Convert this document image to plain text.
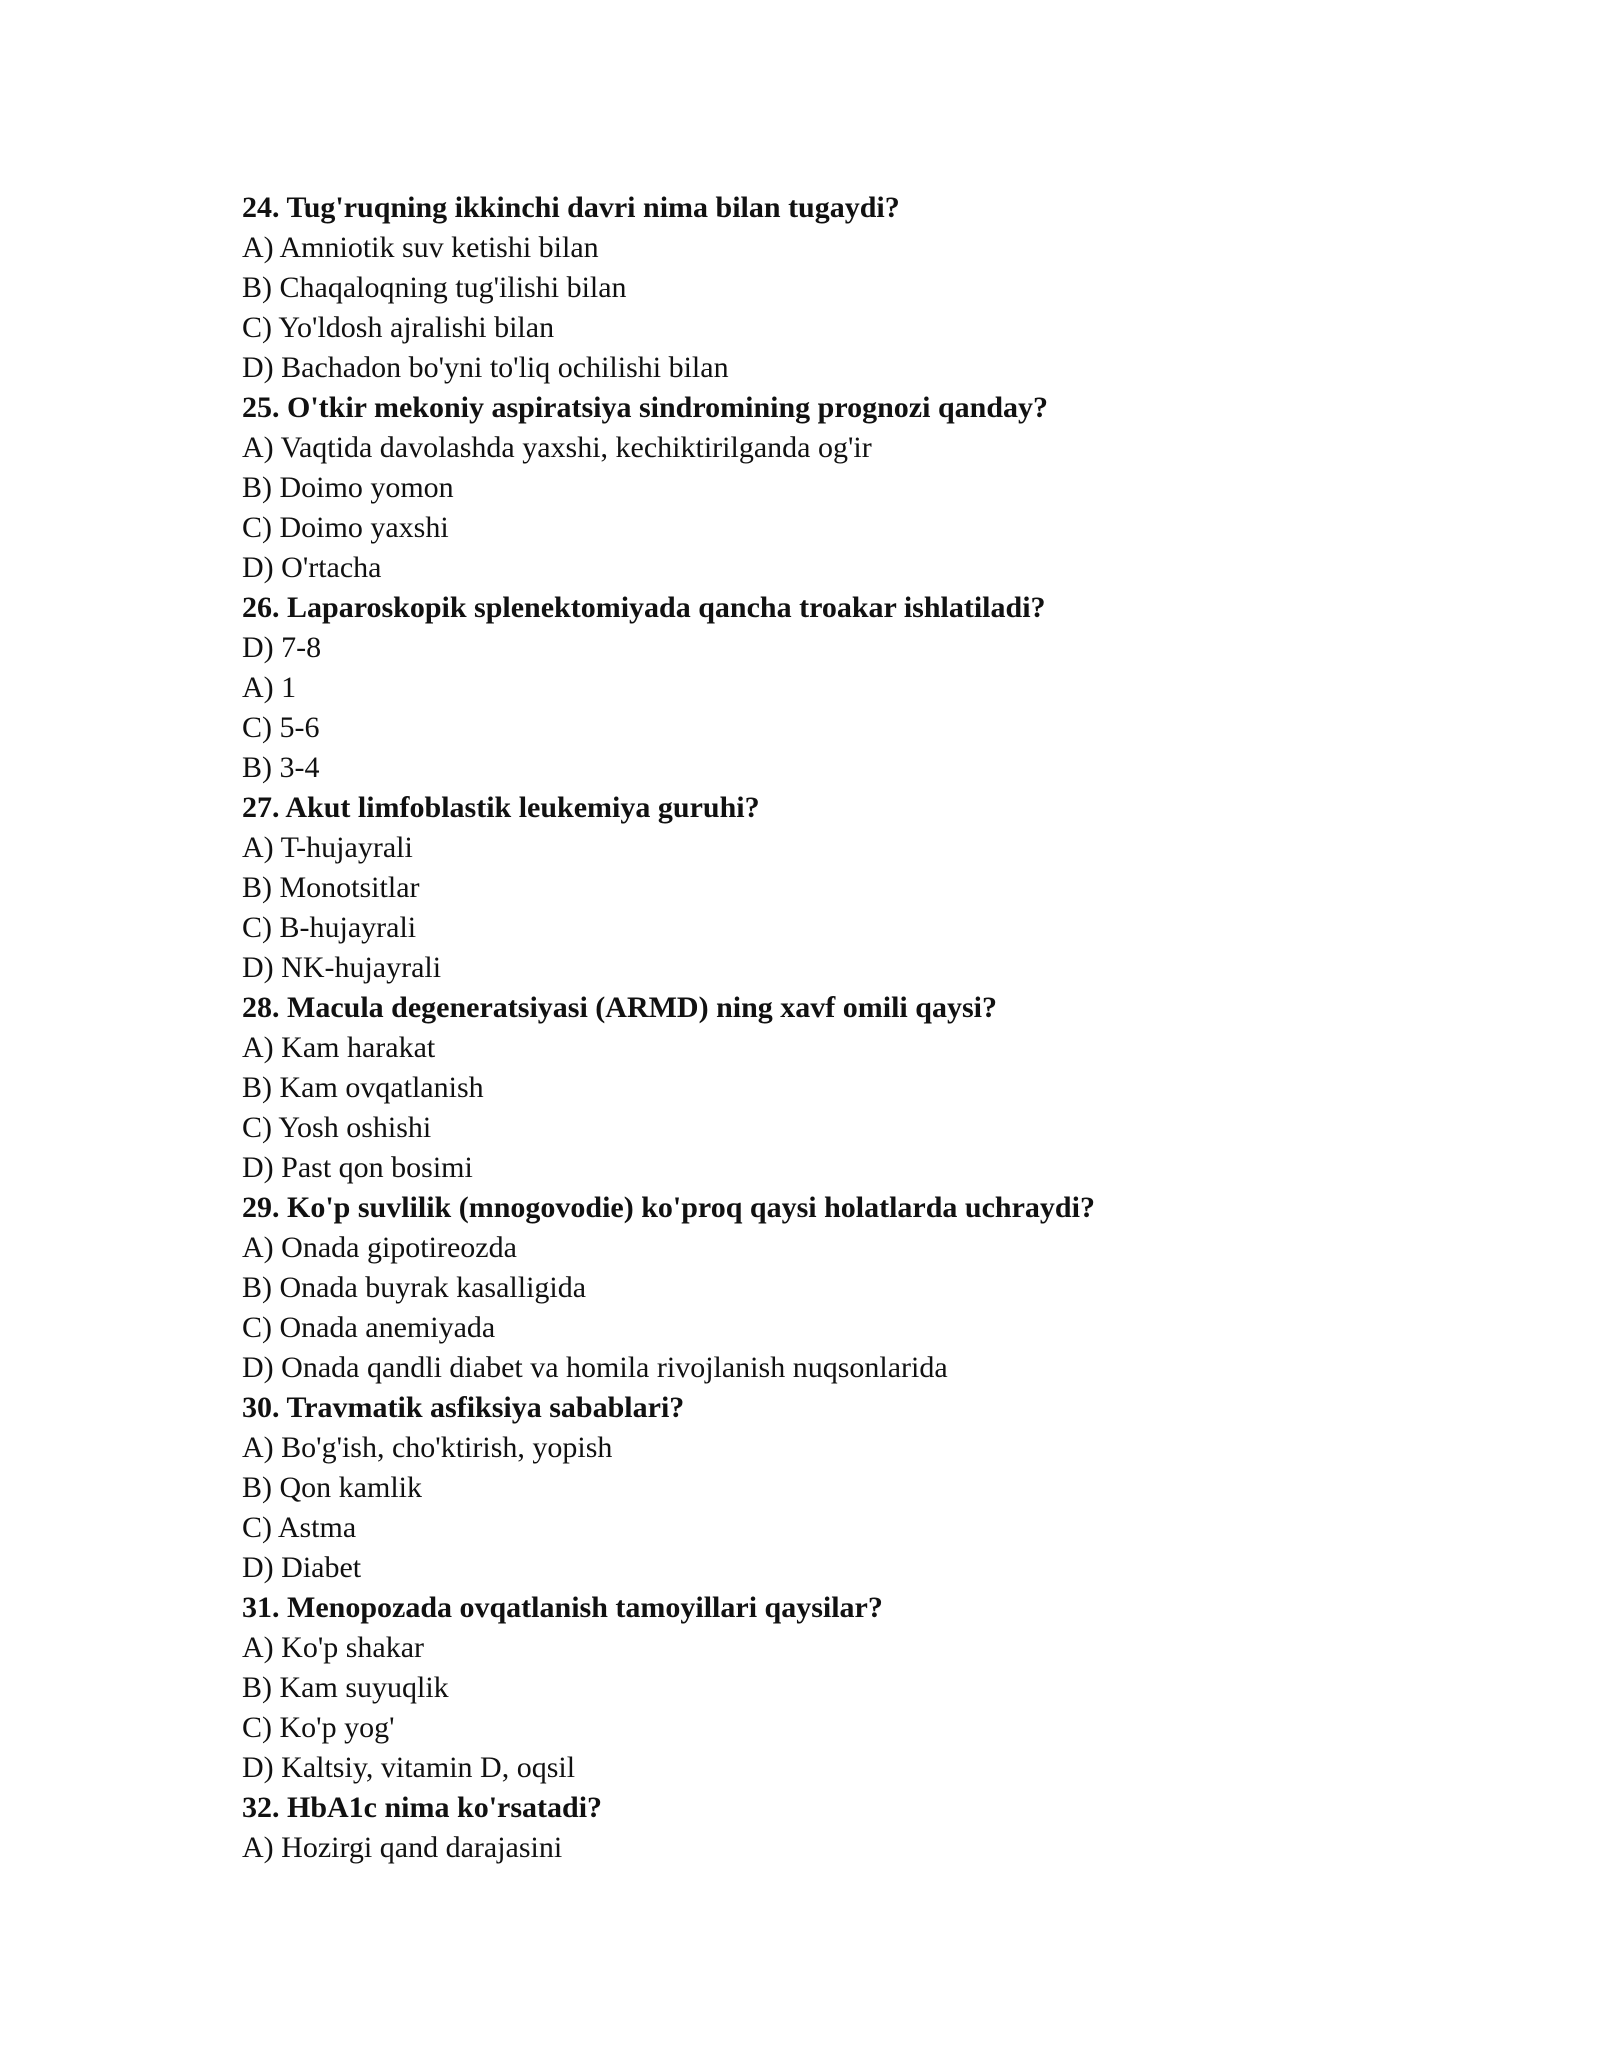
24. Tug'ruqning ikkinchi davri nima bilan tugaydi?
A) Amniotik suv ketishi bilan
B) Chaqaloqning tug'ilishi bilan
C) Yo'ldosh ajralishi bilan
D) Bachadon bo'yni to'liq ochilishi bilan
25. O'tkir mekoniy aspiratsiya sindromining prognozi qanday?
A) Vaqtida davolashda yaxshi, kechiktirilganda og'ir
B) Doimo yomon
C) Doimo yaxshi
D) O'rtacha
26. Laparoskopik splenektomiyada qancha troakar ishlatiladi?
D) 7-8
A) 1
C) 5-6
B) 3-4
27. Akut limfoblastik leukemiya guruhi?
A) T-hujayrali
B) Monotsitlar
C) B-hujayrali
D) NK-hujayrali
28. Macula degeneratsiyasi (ARMD) ning xavf omili qaysi?
A) Kam harakat
B) Kam ovqatlanish
C) Yosh oshishi
D) Past qon bosimi
29. Ko'p suvlilik (mnogovodie) ko'proq qaysi holatlarda uchraydi?
A) Onada gipotireozda
B) Onada buyrak kasalligida
C) Onada anemiyada
D) Onada qandli diabet va homila rivojlanish nuqsonlarida
30. Travmatik asfiksiya sabablari?
A) Bo'g'ish, cho'ktirish, yopish
B) Qon kamlik
C) Astma
D) Diabet
31. Menopozada ovqatlanish tamoyillari qaysilar?
A) Ko'p shakar
B) Kam suyuqlik
C) Ko'p yog'
D) Kaltsiy, vitamin D, oqsil
32. HbA1c nima ko'rsatadi?
A) Hozirgi qand darajasini
